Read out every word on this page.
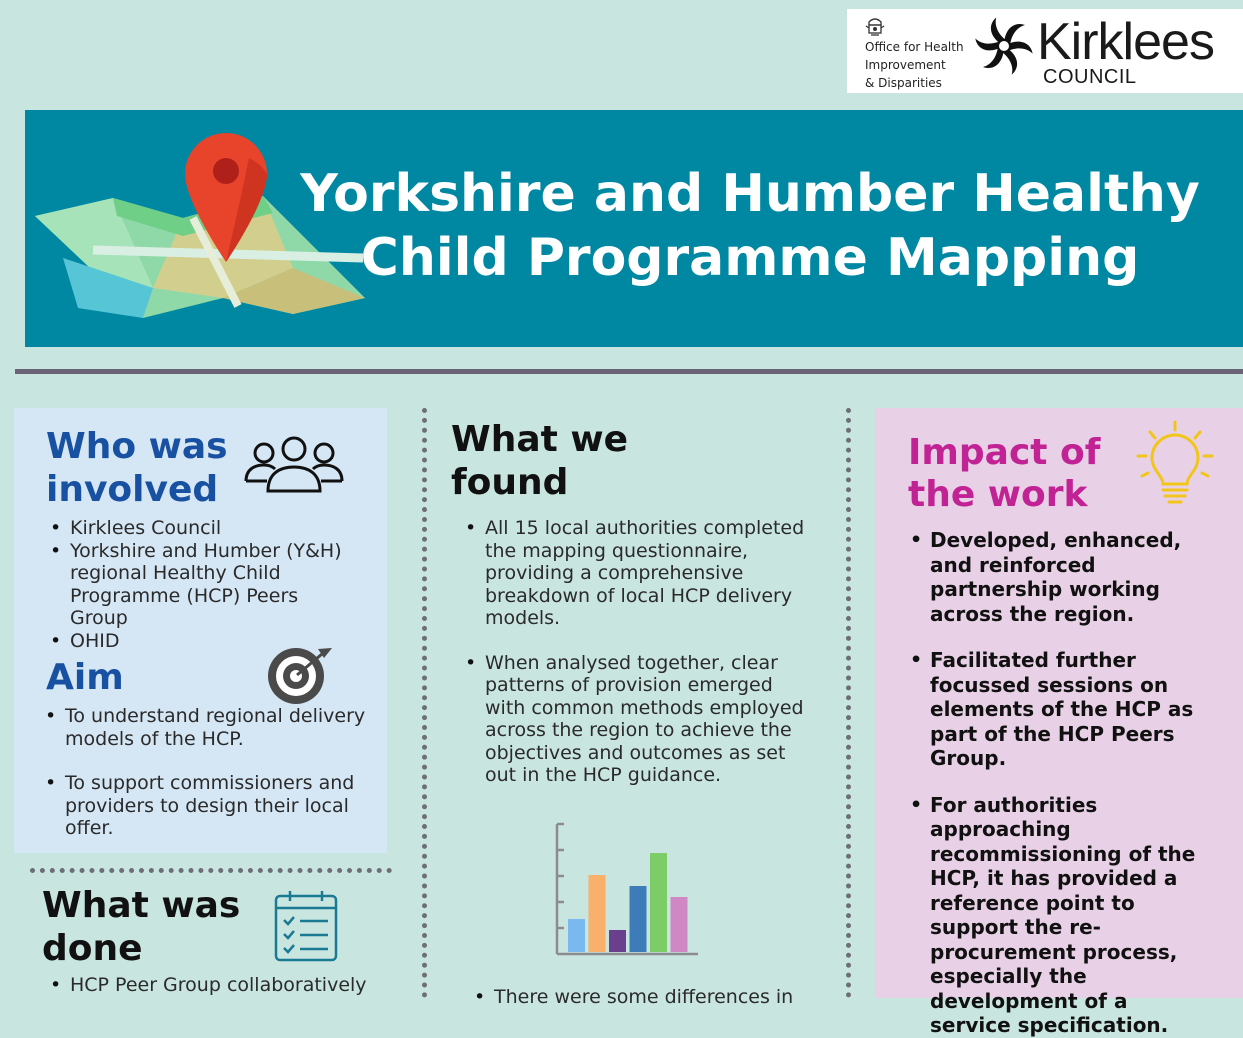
Office for Health
Improvement
& Disparities
Kirklees
COUNCIL
Yorkshire and Humber Healthy
Child Programme Mapping

Who was

involved

• Kirklees Council
• Yorkshire and Humber (Y&H) regional Healthy Child Programme (HCP) Peers Group
• OHID

Aim

• To understand regional delivery models of the HCP.
• To support commissioners and providers to design their local offer.

What was

done

• HCP Peer Group collaboratively

What we

found

• All 15 local authorities completed the mapping questionnaire, providing a comprehensive breakdown of local HCP delivery models.
• When analysed together, clear patterns of provision emerged with common methods employed across the region to achieve the objectives and outcomes as set out in the HCP guidance.
• There were some differences in

Impact of

the work

• Developed, enhanced, and reinforced partnership working across the region.
• Facilitated further focussed sessions on elements of the HCP as part of the HCP Peers Group.
• For authorities approaching recommissioning of the HCP, it has provided a reference point to support the re-procurement process, especially the development of a service specification.
